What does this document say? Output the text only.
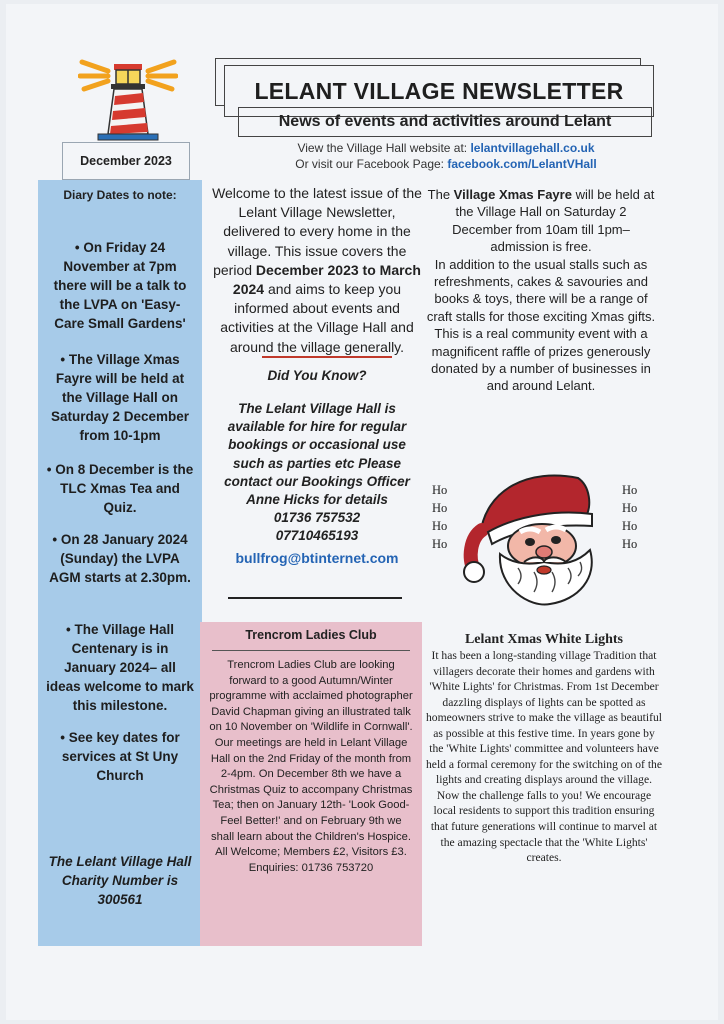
LELANT VILLAGE NEWSLETTER
News of events and activities around Lelant
View the Village Hall website at: lelantvillagehall.co.uk
Or visit our Facebook Page: facebook.com/LelantVHall
December 2023
Diary Dates to note:
• On Friday 24 November at 7pm there will be a talk to the LVPA on 'Easy-Care Small Gardens'
• The Village Xmas Fayre will be held at the Village Hall on Saturday 2 December from 10-1pm
• On 8 December is the TLC Xmas Tea and Quiz.
• On 28 January 2024 (Sunday) the LVPA AGM starts at 2.30pm.
• The Village Hall Centenary is in January 2024– all ideas welcome to mark this milestone.
• See key dates for services at St Uny Church
The Lelant Village Hall Charity Number is 300561
Welcome to the latest issue of the Lelant Village Newsletter, delivered to every home in the village. This issue covers the period December 2023 to March 2024 and aims to keep you informed about events and activities at the Village Hall and around the village generally.
Did You Know?
The Lelant Village Hall is available for hire for regular bookings or occasional use such as parties etc Please contact our Bookings Officer Anne Hicks for details
01736 757532
07710465193
bullfrog@btinternet.com
Trencrom Ladies Club
Trencrom Ladies Club are looking forward to a good Autumn/Winter programme with acclaimed photographer David Chapman giving an illustrated talk on 10 November on 'Wildlife in Cornwall'.
Our meetings are held in Lelant Village Hall on the 2nd Friday of the month from 2-4pm. On December 8th we have a Christmas Quiz to accompany Christmas Tea; then on January 12th- 'Look Good-Feel Better!' and on February 9th we shall learn about the Children's Hospice.
All Welcome; Members £2, Visitors £3. Enquiries: 01736 753720
The Village Xmas Fayre will be held at the Village Hall on Saturday 2 December from 10am till 1pm– admission is free.
In addition to the usual stalls such as refreshments, cakes & savouries and books & toys, there will be a range of craft stalls for those exciting Xmas gifts.
This is a real community event with a magnificent raffle of prizes generously donated by a number of businesses in and around Lelant.
Ho
Ho
Ho
Ho
Ho
Ho
Ho
Ho
Lelant Xmas White Lights
It has been a long-standing village Tradition that villagers decorate their homes and gardens with 'White Lights' for Christmas. From 1st December dazzling displays of lights can be spotted as homeowners strive to make the village as beautiful as possible at this festive time. In years gone by the 'White Lights' committee and volunteers have held a formal ceremony for the switching on of the lights and creating displays around the village. Now the challenge falls to you! We encourage local residents to support this tradition ensuring that future generations will continue to marvel at the amazing spectacle that the 'White Lights' creates.
